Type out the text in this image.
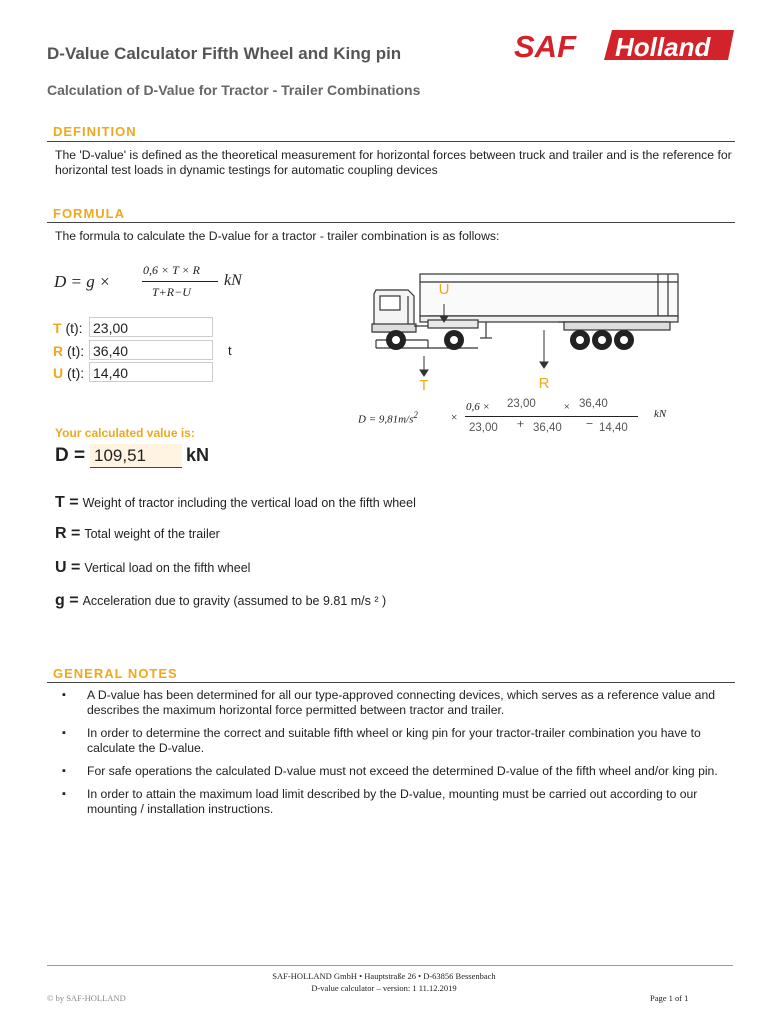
D-Value Calculator Fifth Wheel and King pin	SAF Holland
Calculation of D-Value for Tractor - Trailer Combinations
DEFINITION
The 'D-value' is defined as the theoretical measurement for horizontal forces between truck and trailer and is the reference for horizontal test loads in dynamic testings for automatic coupling devices
FORMULA
The formula to calculate the D-value for a tractor - trailer combination is as follows:
D = g ×
0,6 × T × R
T+R−U
kN
T (t): 23,00
R (t): 36,40
U (t): 14,40
t
U
T	R
$D = 9,81m/s^2$	×
0,6 × 23,00 × 36,40
kN
23,00 + 36,40 − 14,40
Your calculated value is:
D = 109,51	kN
T = Weight of tractor including the vertical load on the fifth wheel
R = Total weight of the trailer
U = Vertical load on the fifth wheel
g = Acceleration due to gravity (assumed to be 9.81 m/s ² )
GENERAL NOTES
▪ A D-value has been determined for all our type-approved connecting devices, which serves as a reference value and describes the maximum horizontal force permitted between tractor and trailer.
▪ In order to determine the correct and suitable fifth wheel or king pin for your tractor-trailer combination you have to calculate the D-value.
▪ For safe operations the calculated D-value must not exceed the determined D-value of the fifth wheel and/or king pin.
▪ In order to attain the maximum load limit described by the D-value, mounting must be carried out according to our mounting / installation instructions.
SAF-HOLLAND GmbH • Hauptstraße 26 • D-63856 Bessenbach
D-value calculator – version: 1 11.12.2019
© by SAF-HOLLAND	Page 1 of 1
